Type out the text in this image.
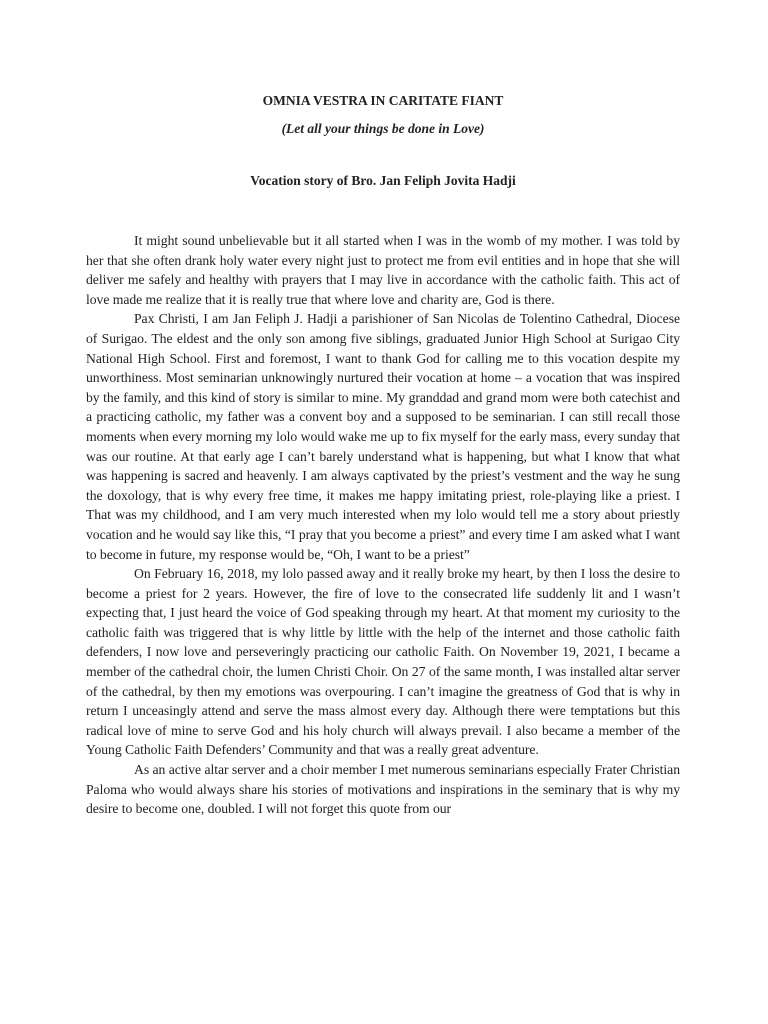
OMNIA VESTRA IN CARITATE FIANT

(Let all your things be done in Love)

Vocation story of Bro. Jan Feliph Jovita Hadji

It might sound unbelievable but it all started when I was in the womb of my mother. I was told by her that she often drank holy water every night just to protect me from evil entities and in hope that she will deliver me safely and healthy with prayers that I may live in accordance with the catholic faith. This act of love made me realize that it is really true that where love and charity are, God is there.

Pax Christi, I am Jan Feliph J. Hadji a parishioner of San Nicolas de Tolentino Cathedral, Diocese of Surigao. The eldest and the only son among five siblings, graduated Junior High School at Surigao City National High School. First and foremost, I want to thank God for calling me to this vocation despite my unworthiness. Most seminarian unknowingly nurtured their vocation at home – a vocation that was inspired by the family, and this kind of story is similar to mine. My granddad and grand mom were both catechist and a practicing catholic, my father was a convent boy and a supposed to be seminarian. I can still recall those moments when every morning my lolo would wake me up to fix myself for the early mass, every sunday that was our routine. At that early age I can’t barely understand what is happening, but what I know that what was happening is sacred and heavenly. I am always captivated by the priest’s vestment and the way he sung the doxology, that is why every free time, it makes me happy imitating priest, role-playing like a priest. I That was my childhood, and I am very much interested when my lolo would tell me a story about priestly vocation and he would say like this, “I pray that you become a priest” and every time I am asked what I want to become in future, my response would be, “Oh, I want to be a priest”

On February 16, 2018, my lolo passed away and it really broke my heart, by then I loss the desire to become a priest for 2 years. However, the fire of love to the consecrated life suddenly lit and I wasn’t expecting that, I just heard the voice of God speaking through my heart. At that moment my curiosity to the catholic faith was triggered that is why little by little with the help of the internet and those catholic faith defenders, I now love and perseveringly practicing our catholic Faith. On November 19, 2021, I became a member of the cathedral choir, the lumen Christi Choir. On 27 of the same month, I was installed altar server of the cathedral, by then my emotions was overpouring. I can’t imagine the greatness of God that is why in return I unceasingly attend and serve the mass almost every day. Although there were temptations but this radical love of mine to serve God and his holy church will always prevail. I also became a member of the Young Catholic Faith Defenders’ Community and that was a really great adventure.

As an active altar server and a choir member I met numerous seminarians especially Frater Christian Paloma who would always share his stories of motivations and inspirations in the seminary that is why my desire to become one, doubled. I will not forget this quote from our
